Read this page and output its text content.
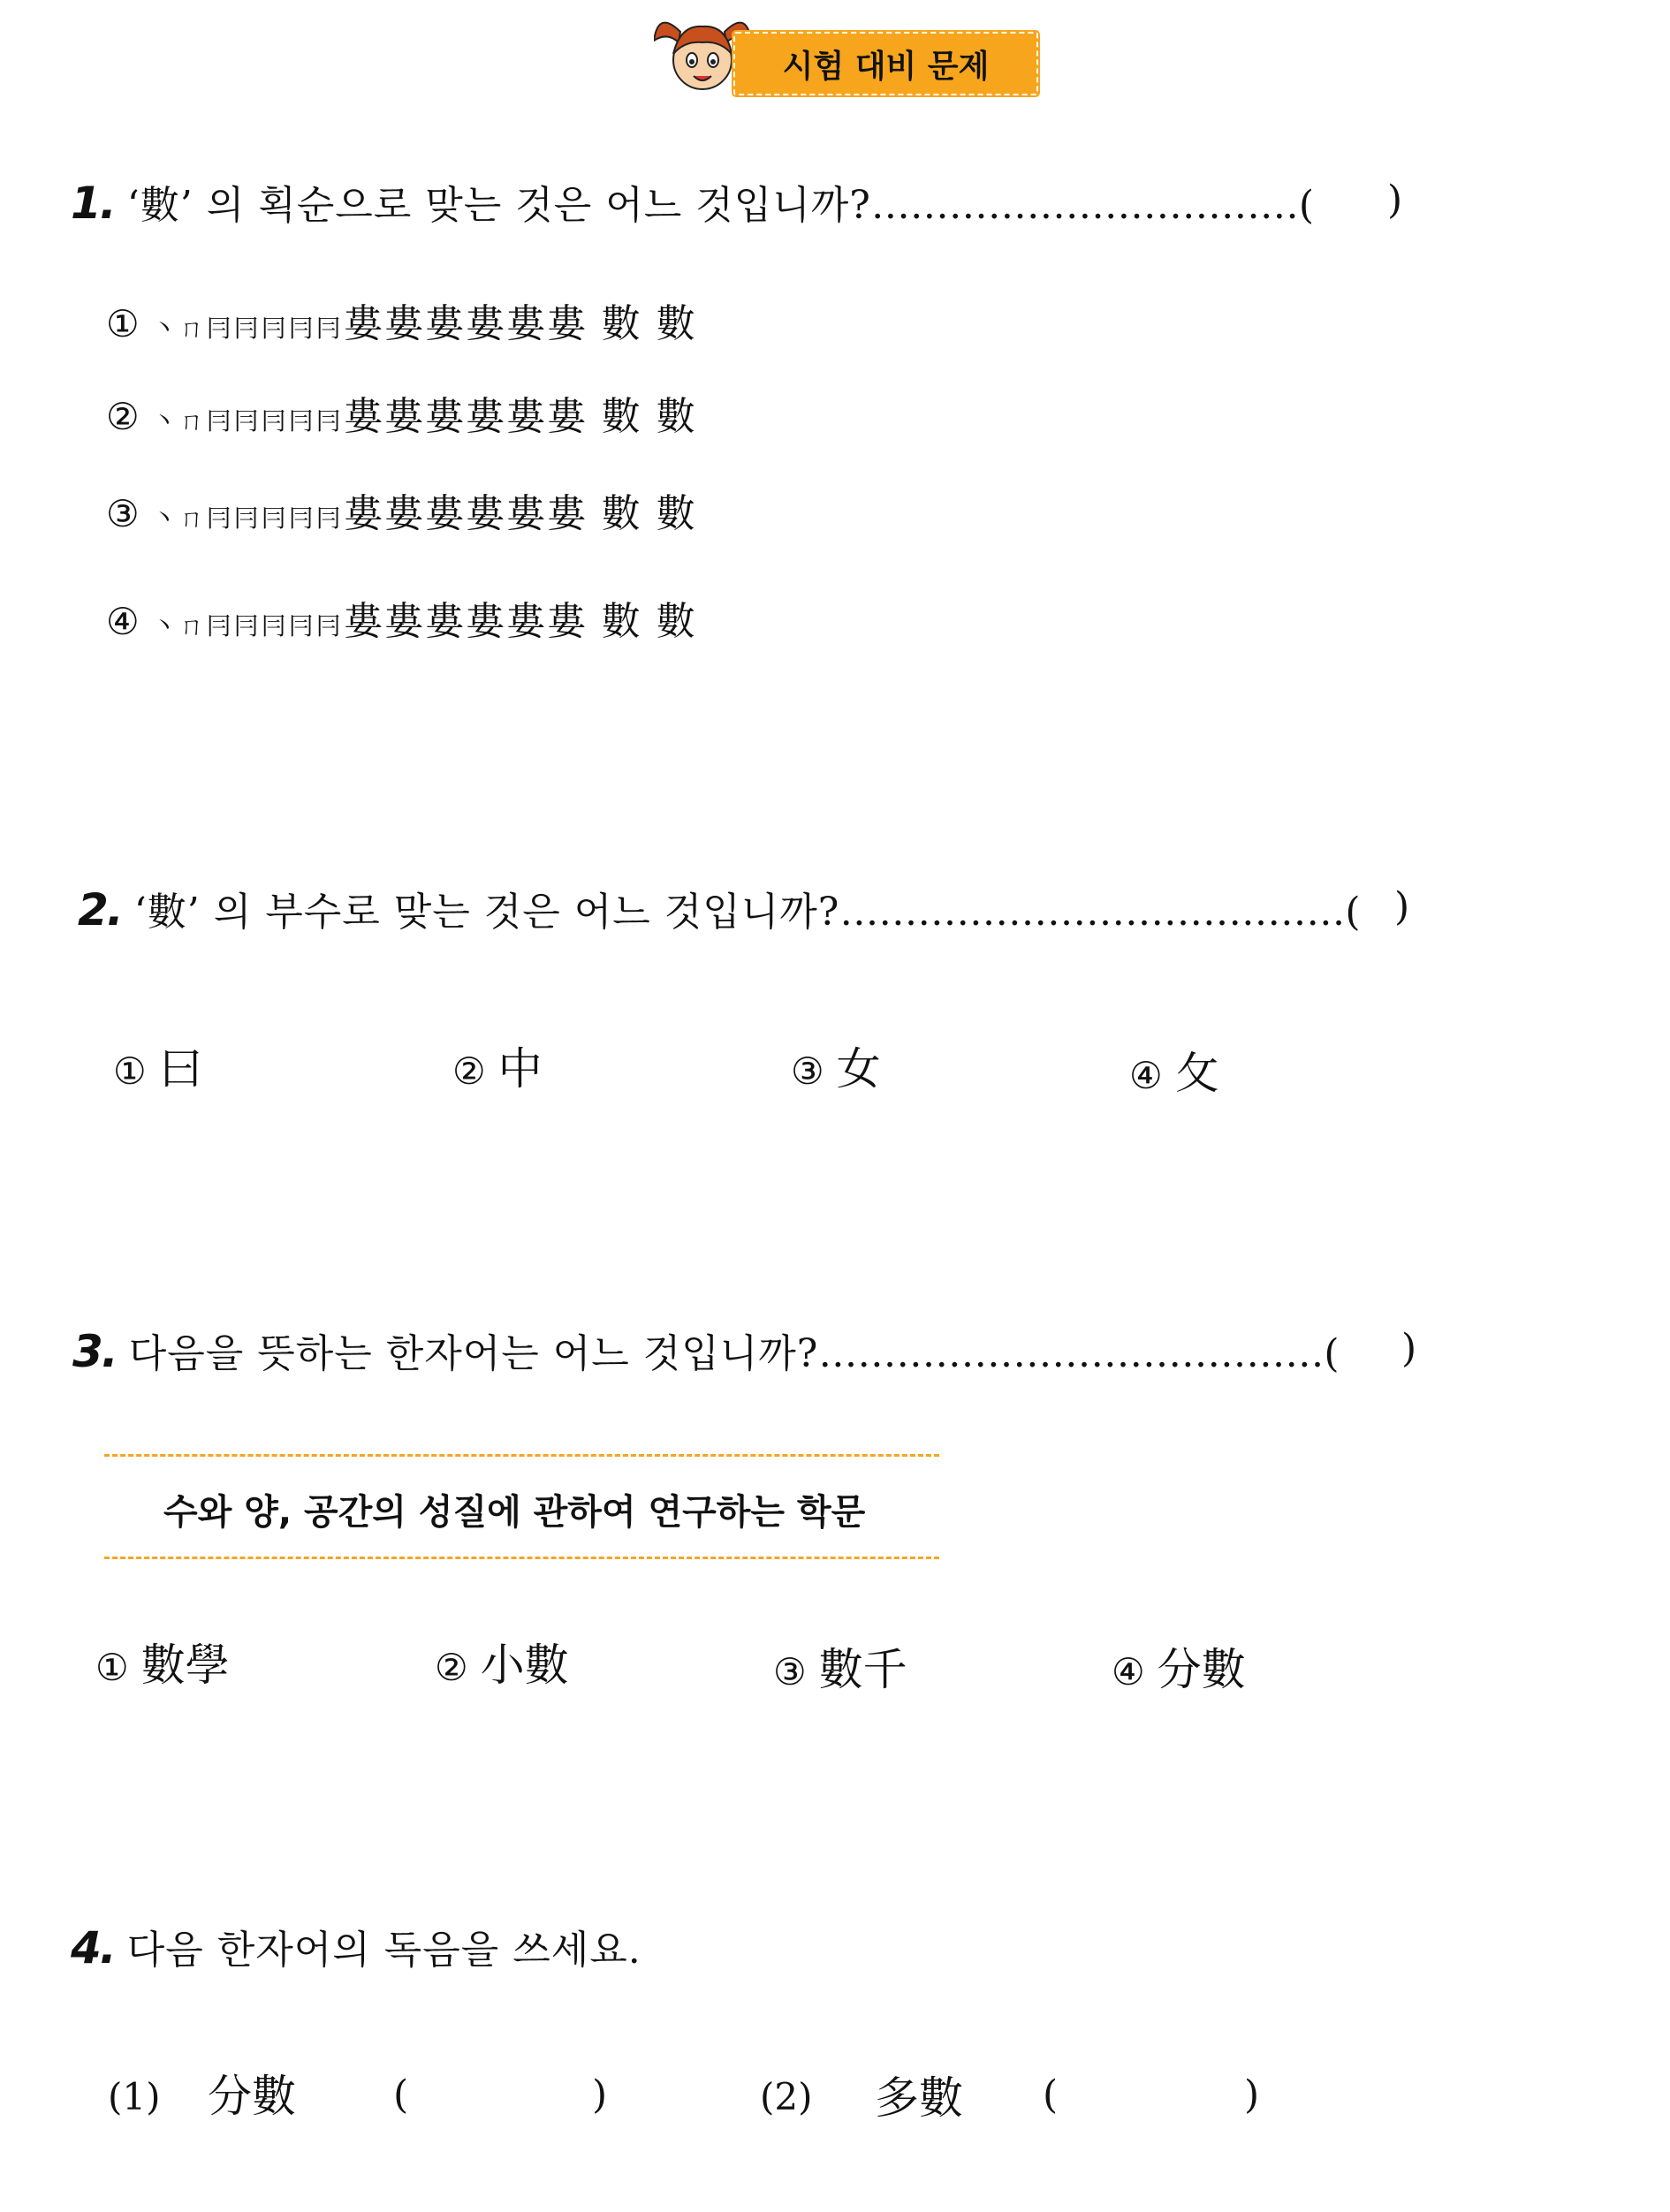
시험 대비 문제
1. ‘數’ 의 획순으로 맞는 것은 어느 것입니까?……………………………( )
① 丶ㄇ冃冃冃冃冃婁婁婁婁婁婁 數 數
② 丶ㄇ冃冃冃冃冃婁婁婁婁婁婁 數 數
③ 丶ㄇ冃冃冃冃冃婁婁婁婁婁婁 數 數
④ 丶ㄇ冃冃冃冃冃婁婁婁婁婁婁 數 數
2. ‘數’ 의 부수로 맞는 것은 어느 것입니까?…………………………………( )
① 曰	② 中	③ 女	④ 攵
3. 다음을 뜻하는 한자어는 어느 것입니까?…………………………………( )
수와 양, 공간의 성질에 관하여 연구하는 학문
① 數學	② 小數	③ 數千	④ 分數
4. 다음 한자어의 독음을 쓰세요.
(1) 分數	(	)	(2) 多數 (	)
